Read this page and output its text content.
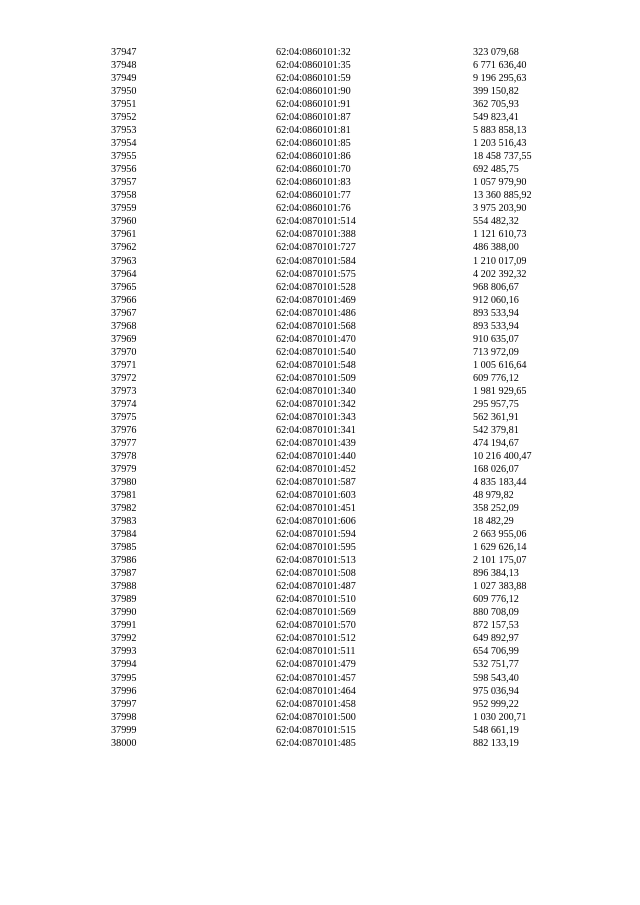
37947	62:04:0860101:32	323 079,68
37948	62:04:0860101:35	6 771 636,40
37949	62:04:0860101:59	9 196 295,63
37950	62:04:0860101:90	399 150,82
37951	62:04:0860101:91	362 705,93
37952	62:04:0860101:87	549 823,41
37953	62:04:0860101:81	5 883 858,13
37954	62:04:0860101:85	1 203 516,43
37955	62:04:0860101:86	18 458 737,55
37956	62:04:0860101:70	692 485,75
37957	62:04:0860101:83	1 057 979,90
37958	62:04:0860101:77	13 360 885,92
37959	62:04:0860101:76	3 975 203,90
37960	62:04:0870101:514	554 482,32
37961	62:04:0870101:388	1 121 610,73
37962	62:04:0870101:727	486 388,00
37963	62:04:0870101:584	1 210 017,09
37964	62:04:0870101:575	4 202 392,32
37965	62:04:0870101:528	968 806,67
37966	62:04:0870101:469	912 060,16
37967	62:04:0870101:486	893 533,94
37968	62:04:0870101:568	893 533,94
37969	62:04:0870101:470	910 635,07
37970	62:04:0870101:540	713 972,09
37971	62:04:0870101:548	1 005 616,64
37972	62:04:0870101:509	609 776,12
37973	62:04:0870101:340	1 981 929,65
37974	62:04:0870101:342	295 957,75
37975	62:04:0870101:343	562 361,91
37976	62:04:0870101:341	542 379,81
37977	62:04:0870101:439	474 194,67
37978	62:04:0870101:440	10 216 400,47
37979	62:04:0870101:452	168 026,07
37980	62:04:0870101:587	4 835 183,44
37981	62:04:0870101:603	48 979,82
37982	62:04:0870101:451	358 252,09
37983	62:04:0870101:606	18 482,29
37984	62:04:0870101:594	2 663 955,06
37985	62:04:0870101:595	1 629 626,14
37986	62:04:0870101:513	2 101 175,07
37987	62:04:0870101:508	896 384,13
37988	62:04:0870101:487	1 027 383,88
37989	62:04:0870101:510	609 776,12
37990	62:04:0870101:569	880 708,09
37991	62:04:0870101:570	872 157,53
37992	62:04:0870101:512	649 892,97
37993	62:04:0870101:511	654 706,99
37994	62:04:0870101:479	532 751,77
37995	62:04:0870101:457	598 543,40
37996	62:04:0870101:464	975 036,94
37997	62:04:0870101:458	952 999,22
37998	62:04:0870101:500	1 030 200,71
37999	62:04:0870101:515	548 661,19
38000	62:04:0870101:485	882 133,19
